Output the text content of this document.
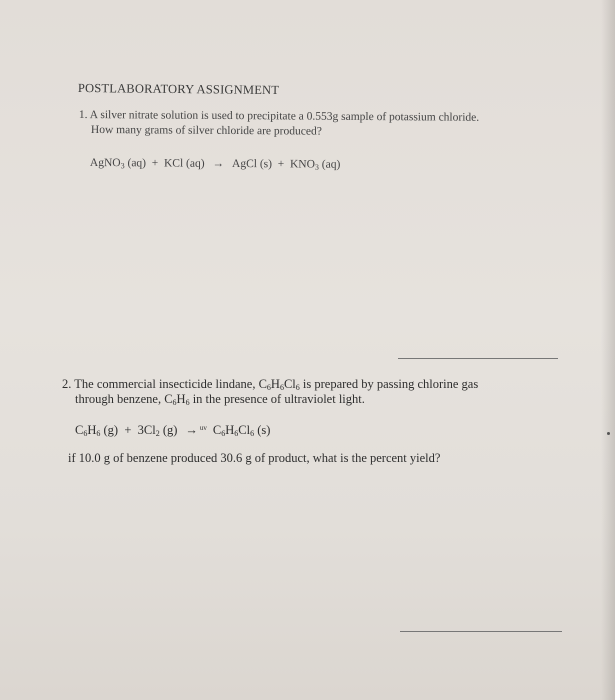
POSTLABORATORY ASSIGNMENT
1. A silver nitrate solution is used to precipitate a 0.553g sample of potassium chloride.
How many grams of silver chloride are produced?
AgNO$_3$ (aq)  +  KCl (aq) → AgCl $(s) + KNO_3$ (aq)
2. The commercial insecticide lindane, $C_6H_6Cl_6$ is prepared by passing chlorine gas
through benzene, $C_6H_6$ in the presence of ultraviolet light.
$C_6H_6$ $(g) + 3Cl_2$ (g) → $^{uv}$ $C_6H_6Cl_6$ (s)
if 10.0 g of benzene produced 30.6 g of product, what is the percent yield?
